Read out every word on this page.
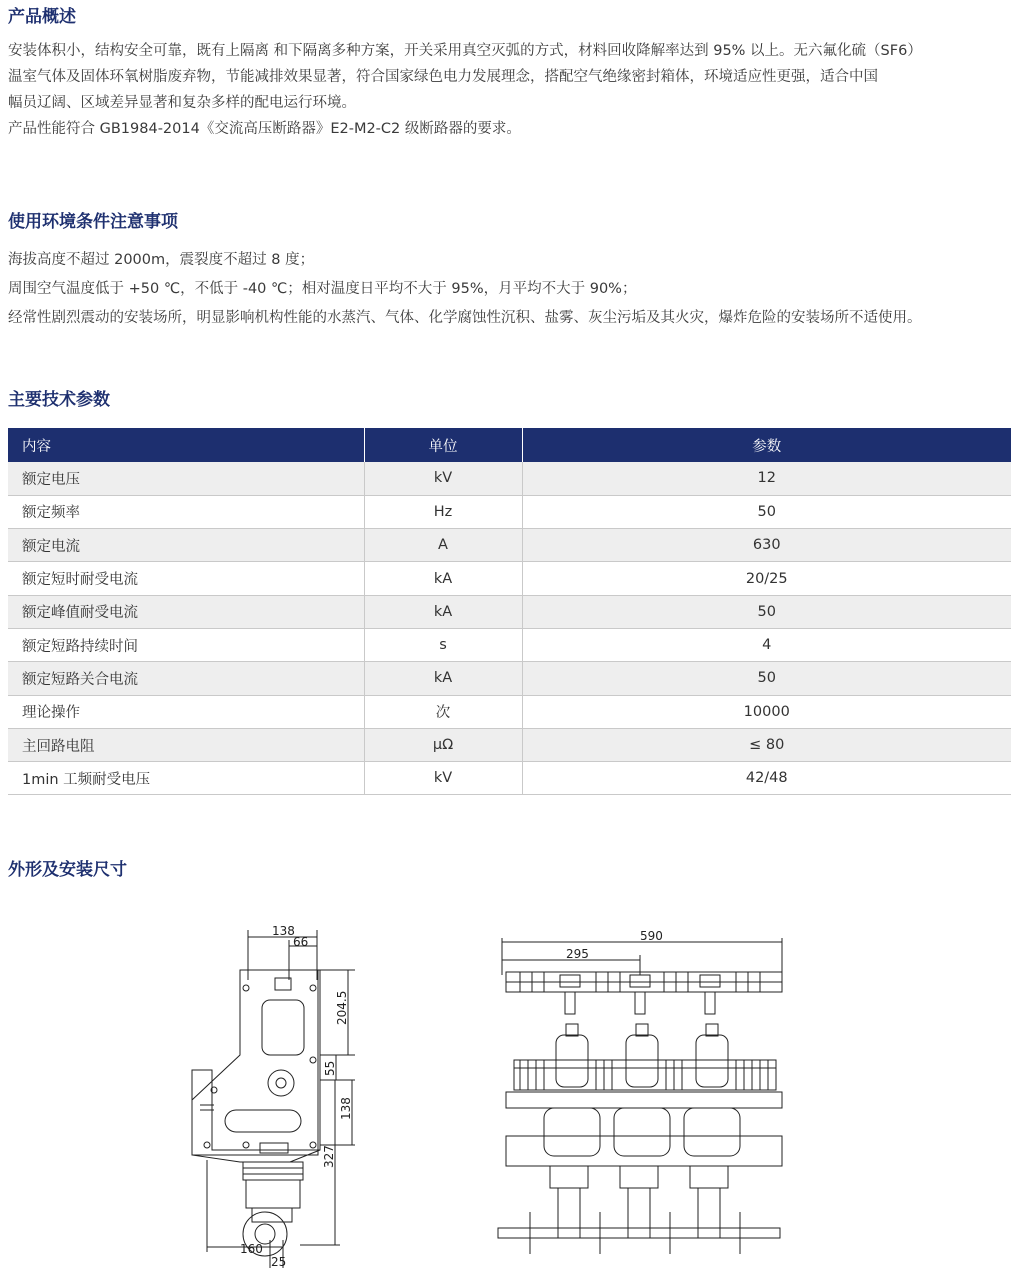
产品概述

安装体积小，结构安全可靠，既有上隔离 和下隔离多种方案，开关采用真空灭弧的方式，材料回收降解率达到 95% 以上。无六氟化硫（SF6）

温室气体及固体环氧树脂废弃物，节能减排效果显著，符合国家绿色电力发展理念，搭配空气绝缘密封箱体，环境适应性更强，适合中国

幅员辽阔、区域差异显著和复杂多样的配电运行环境。

产品性能符合 GB1984-2014《交流高压断路器》E2-M2-C2 级断路器的要求。

使用环境条件注意事项

海拔高度不超过 2000m，震裂度不超过 8 度；

周围空气温度低于 +50 ℃，不低于 -40 ℃；相对温度日平均不大于 95%，月平均不大于 90%；

经常性剧烈震动的安装场所，明显影响机构性能的水蒸汽、气体、化学腐蚀性沉积、盐雾、灰尘污垢及其火灾，爆炸危险的安装场所不适使用。

主要技术参数
内容	单位	参数
额定电压	kV	12
额定频率	Hz	50
额定电流	A	630
额定短时耐受电流	kA	20/25
额定峰值耐受电流	kA	50
额定短路持续时间	s	4
额定短路关合电流	kA	50
理论操作	次	10000
主回路电阻	μΩ	≤ 80
1min 工频耐受电压	kV	42/48
外形及安装尺寸
138
66
204.5
55
138
327
160
25
590
295
